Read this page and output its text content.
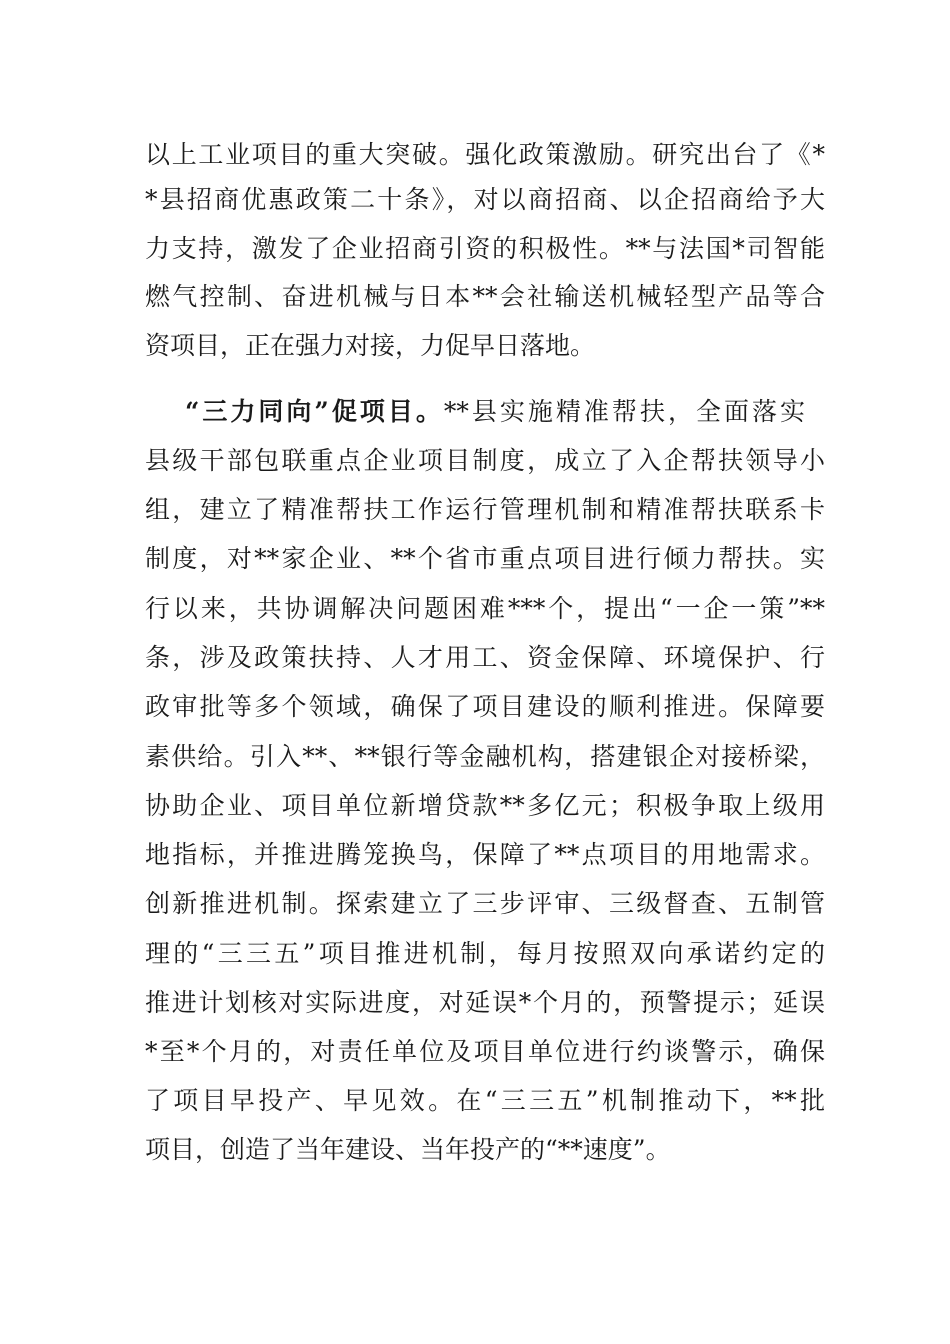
以上工业项目的重大突破。强化政策激励。研究出台了《*
*县招商优惠政策二十条》，对以商招商、以企招商给予大
力支持，激发了企业招商引资的积极性。**与法国*司智能
燃气控制、奋进机械与日本**会社输送机械轻型产品等合
资项目，正在强力对接，力促早日落地。
“三力同向”促项目。**县实施精准帮扶，全面落实
县级干部包联重点企业项目制度，成立了入企帮扶领导小
组，建立了精准帮扶工作运行管理机制和精准帮扶联系卡
制度，对**家企业、**个省市重点项目进行倾力帮扶。实
行以来，共协调解决问题困难***个，提出“一企一策”**
条，涉及政策扶持、人才用工、资金保障、环境保护、行
政审批等多个领域，确保了项目建设的顺利推进。保障要
素供给。引入**、**银行等金融机构，搭建银企对接桥梁，
协助企业、项目单位新增贷款**多亿元；积极争取上级用
地指标，并推进腾笼换鸟，保障了**点项目的用地需求。
创新推进机制。探索建立了三步评审、三级督查、五制管
理的“三三五”项目推进机制，每月按照双向承诺约定的
推进计划核对实际进度，对延误*个月的，预警提示；延误
*至*个月的，对责任单位及项目单位进行约谈警示，确保
了项目早投产、早见效。在“三三五”机制推动下，**批
项目，创造了当年建设、当年投产的“**速度”。
